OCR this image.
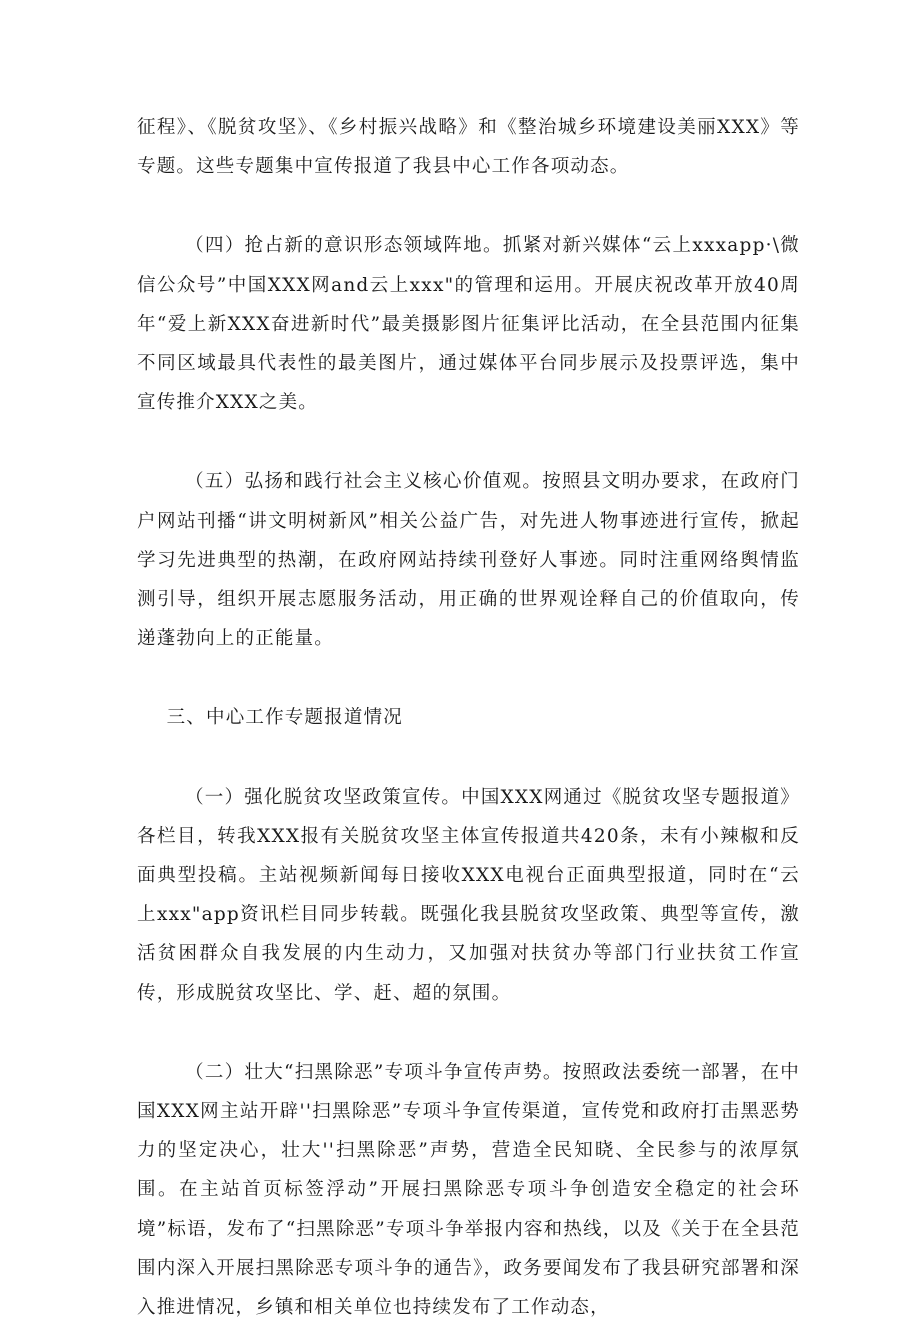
征程》、《脱贫攻坚》、《乡村振兴战略》和《整治城乡环境建设美丽XXX》等专题。这些专题集中宣传报道了我县中心工作各项动态。

（四）抢占新的意识形态领域阵地。抓紧对新兴媒体“云上xxxapp·\微信公众号”中国XXX网and云上xxx"的管理和运用。开展庆祝改革开放40周年“爱上新XXX奋进新时代”最美摄影图片征集评比活动，在全县范围内征集不同区域最具代表性的最美图片，通过媒体平台同步展示及投票评选，集中宣传推介XXX之美。

（五）弘扬和践行社会主义核心价值观。按照县文明办要求，在政府门户网站刊播“讲文明树新风”相关公益广告，对先进人物事迹进行宣传，掀起学习先进典型的热潮，在政府网站持续刊登好人事迹。同时注重网络舆情监测引导，组织开展志愿服务活动，用正确的世界观诠释自己的价值取向，传递蓬勃向上的正能量。

三、中心工作专题报道情况

（一）强化脱贫攻坚政策宣传。中国XXX网通过《脱贫攻坚专题报道》各栏目，转我XXX报有关脱贫攻坚主体宣传报道共420条，未有小辣椒和反面典型投稿。主站视频新闻每日接收XXX电视台正面典型报道，同时在“云上xxx"app资讯栏目同步转载。既强化我县脱贫攻坚政策、典型等宣传，激活贫困群众自我发展的内生动力，又加强对扶贫办等部门行业扶贫工作宣传，形成脱贫攻坚比、学、赶、超的氛围。

（二）壮大“扫黑除恶”专项斗争宣传声势。按照政法委统一部署，在中国XXX网主站开辟''扫黑除恶”专项斗争宣传渠道，宣传党和政府打击黑恶势力的坚定决心，壮大''扫黑除恶”声势，营造全民知晓、全民参与的浓厚氛围。在主站首页标签浮动”开展扫黑除恶专项斗争创造安全稳定的社会环境”标语，发布了“扫黑除恶”专项斗争举报内容和热线，以及《关于在全县范围内深入开展扫黑除恶专项斗争的通告》，政务要闻发布了我县研究部署和深入推进情况，乡镇和相关单位也持续发布了工作动态，
